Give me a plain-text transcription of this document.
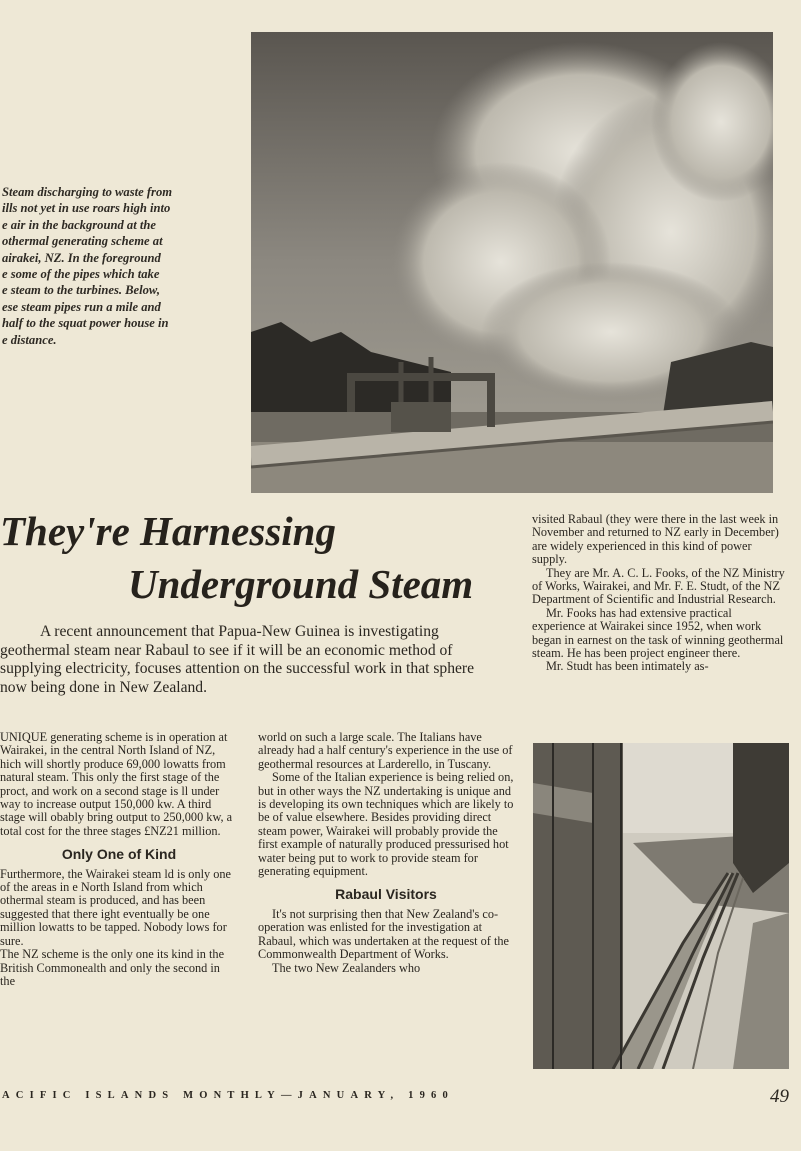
Steam discharging to waste from
ills not yet in use roars high into
e air in the background at the
othermal generating scheme at
airakei, NZ. In the foreground
e some of the pipes which take
e steam to the turbines. Below,
ese steam pipes run a mile and
half to the squat power house in
e distance.
They're Harnessing
Underground Steam
A recent announcement that Papua-New Guinea is investigating geothermal steam near Rabaul to see if it will be an economic method of supplying electricity, focuses attention on the successful work in that sphere now being done in New Zealand.

UNIQUE generating scheme is in operation at Wairakei, in the central North Island of NZ, hich will shortly produce 69,000 lowatts from natural steam. This only the first stage of the proct, and work on a second stage is ll under way to increase output 150,000 kw. A third stage will obably bring output to 250,000 kw, a total cost for the three stages £NZ21 million.

Only One of Kind

Furthermore, the Wairakei steam ld is only one of the areas in e North Island from which othermal steam is produced, and has been suggested that there ight eventually be one million lowatts to be tapped. Nobody lows for sure.

The NZ scheme is the only one its kind in the British Commonealth and only the second in the

world on such a large scale. The Italians have already had a half century's experience in the use of geothermal resources at Larderello, in Tuscany.

Some of the Italian experience is being relied on, but in other ways the NZ undertaking is unique and is developing its own techniques which are likely to be of value elsewhere. Besides providing direct steam power, Wairakei will probably provide the first example of naturally produced pressurised hot water being put to work to provide steam for generating equipment.

Rabaul Visitors

It's not surprising then that New Zealand's co-operation was enlisted for the investigation at Rabaul, which was undertaken at the request of the Commonwealth Department of Works.

The two New Zealanders who

visited Rabaul (they were there in the last week in November and returned to NZ early in December) are widely experienced in this kind of power supply.

They are Mr. A. C. L. Fooks, of the NZ Ministry of Works, Wairakei, and Mr. F. E. Studt, of the NZ Department of Scientific and Industrial Research.

Mr. Fooks has had extensive practical experience at Wairakei since 1952, when work began in earnest on the task of winning geothermal steam. He has been project engineer there.

Mr. Studt has been intimately as-

ACIFIC ISLANDS MONTHLY—JANUARY, 1960	49
